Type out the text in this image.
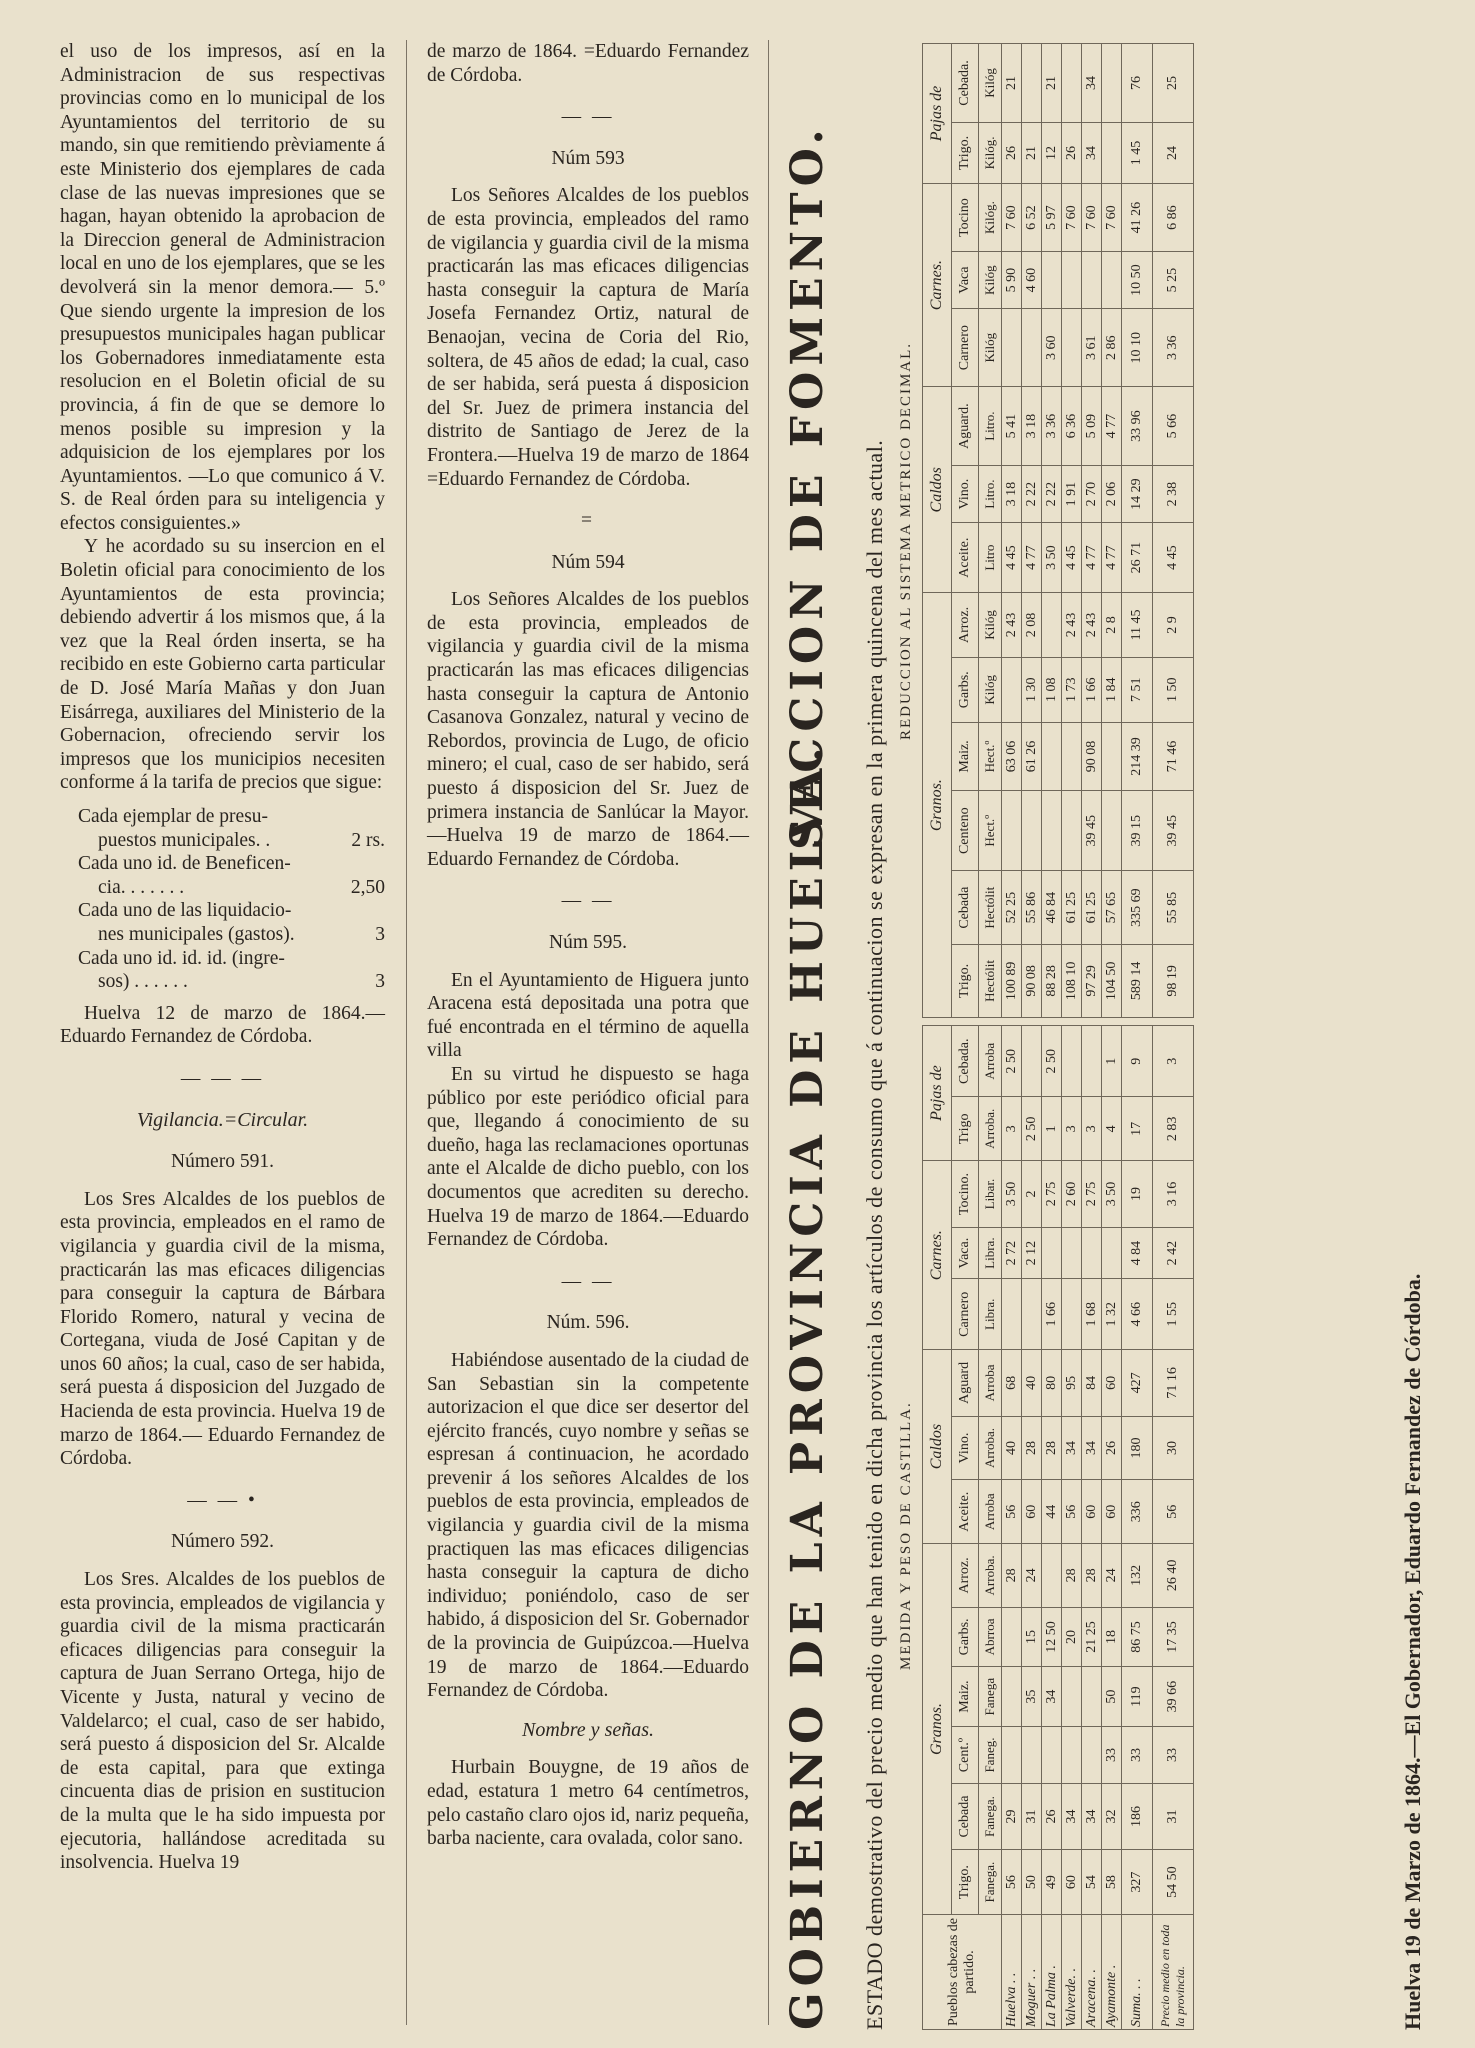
el uso de los impresos, así en la Administracion de sus respectivas provincias como en lo municipal de los Ayuntamientos del territorio de su mando, sin que remitiendo prèviamente á este Ministerio dos ejemplares de cada clase de las nuevas impresiones que se hagan, hayan obtenido la aprobacion de la Direccion general de Administracion local en uno de los ejemplares, que se les devolverá sin la menor demora.— 5.º Que siendo urgente la impresion de los presupuestos municipales hagan publicar los Gobernadores inmediatamente esta resolucion en el Boletin oficial de su provincia, á fin de que se demore lo menos posible su impresion y la adquisicion de los ejemplares por los Ayuntamientos. —Lo que comunico á V. S. de Real órden para su inteligencia y efectos consiguientes.»

Y he acordado su su insercion en el Boletin oficial para conocimiento de los Ayuntamientos de esta provincia; debiendo advertir á los mismos que, á la vez que la Real órden inserta, se ha recibido en este Gobierno carta particular de D. José María Mañas y don Juan Eisárrega, auxiliares del Ministerio de la Gobernacion, ofreciendo servir los impresos que los municipios necesiten conforme á la tarifa de precios que sigue:

Cada ejemplar de presu-
puestos municipales. .	2 rs.
Cada uno id. de Beneficen-
cia. . . . . . .	2,50
Cada uno de las liquidacio-
nes municipales (gastos).	3
Cada uno id. id. id. (ingre-
sos) . . . . . .	3

Huelva 12 de marzo de 1864.— Eduardo Fernandez de Córdoba.

— — —
Vigilancia.=Circular.
Número 591.

Los Sres Alcaldes de los pueblos de esta provincia, empleados en el ramo de vigilancia y guardia civil de la misma, practicarán las mas eficaces diligencias para conseguir la captura de Bárbara Florido Romero, natural y vecina de Cortegana, viuda de José Capitan y de unos 60 años; la cual, caso de ser habida, será puesta á disposicion del Juzgado de Hacienda de esta provincia. Huelva 19 de marzo de 1864.— Eduardo Fernandez de Córdoba.

— — •
Número 592.

Los Sres. Alcaldes de los pueblos de esta provincia, empleados de vigilancia y guardia civil de la misma practicarán eficaces diligencias para conseguir la captura de Juan Serrano Ortega, hijo de Vicente y Justa, natural y vecino de Valdelarco; el cual, caso de ser habido, será puesto á disposicion del Sr. Alcalde de esta capital, para que extinga cincuenta dias de prision en sustitucion de la multa que le ha sido impuesta por ejecutoria, hallándose acreditada su insolvencia. Huelva 19

de marzo de 1864. =Eduardo Fernandez de Córdoba.

— —
Núm 593

Los Señores Alcaldes de los pueblos de esta provincia, empleados del ramo de vigilancia y guardia civil de la misma practicarán las mas eficaces diligencias hasta conseguir la captura de María Josefa Fernandez Ortiz, natural de Benaojan, vecina de Coria del Rio, soltera, de 45 años de edad; la cual, caso de ser habida, será puesta á disposicion del Sr. Juez de primera instancia del distrito de Santiago de Jerez de la Frontera.—Huelva 19 de marzo de 1864 =Eduardo Fernandez de Córdoba.

=
Núm 594

Los Señores Alcaldes de los pueblos de esta provincia, empleados de vigilancia y guardia civil de la misma practicarán las mas eficaces diligencias hasta conseguir la captura de Antonio Casanova Gonzalez, natural y vecino de Rebordos, provincia de Lugo, de oficio minero; el cual, caso de ser habido, será puesto á disposicion del Sr. Juez de primera instancia de Sanlúcar la Mayor.—Huelva 19 de marzo de 1864.—Eduardo Fernandez de Córdoba.

— —
Núm 595.

En el Ayuntamiento de Higuera junto Aracena está depositada una potra que fué encontrada en el término de aquella villa

En su virtud he dispuesto se haga público por este periódico oficial para que, llegando á conocimiento de su dueño, haga las reclamaciones oportunas ante el Alcalde de dicho pueblo, con los documentos que acrediten su derecho. Huelva 19 de marzo de 1864.—Eduardo Fernandez de Córdoba.

— —
Núm. 596.

Habiéndose ausentado de la ciudad de San Sebastian sin la competente autorizacion el que dice ser desertor del ejército francés, cuyo nombre y señas se espresan á continuacion, he acordado prevenir á los señores Alcaldes de los pueblos de esta provincia, empleados de vigilancia y guardia civil de la misma practiquen las mas eficaces diligencias hasta conseguir la captura de dicho individuo; poniéndolo, caso de ser habido, á disposicion del Sr. Gobernador de la provincia de Guipúzcoa.—Huelva 19 de marzo de 1864.—Eduardo Fernandez de Córdoba.

Nombre y señas.

Hurbain Bouygne, de 19 años de edad, estatura 1 metro 64 centímetros, pelo castaño claro ojos id, nariz pequeña, barba naciente, cara ovalada, color sano. GOBIERNO DE LA PROVINCIA DE HUELVA.
SECCION DE FOMENTO. ESTADO demostrativo del precio medio que han tenido en dicha provincia los artículos de consumo que á continuacion se expresan en la primera quincena del mes actual. MEDIDA Y PESO DE CASTILLA.
REDUCCION AL SISTEMA METRICO DECIMAL.
Pueblos cabezas de partido.	Granos.						Caldos			Carnes.			Pajas de	
	Trigo.	Cebada	Cent.º	Maiz.	Garbs.	Arroz.	Aceite.	Vino.	Aguard	Carnero	Vaca.	Tocino.	Trigo	Cebada.
	Fanega.	Fanega.	Faneg.	Fanega	Abrroa	Arroba.	Arroba	Arroba.	Arroba	Libra.	Libra.	Libar.	Arroba.	Arroba
Huelva . .	56	29				28	56	40	68		2 72	3 50	3	2 50
Moguer . .	50	31		35	15	24	60	28	40		2 12	2	2 50	
La Palma .	49	26		34	12 50		44	28	80	1 66		2 75	1	2 50
Valverde. .	60	34			20	28	56	34	95			2 60	3	
Aracena. .	54	34			21 25	28	60	34	84	1 68		2 75	3	
Ayamonte .	58	32	33	50	18	24	60	26	60	1 32		3 50	4	1
Suma. . .	327	186	33	119	86 75	132	336	180	427	4 66	4 84	19	17	9
Precio medio en toda la provincia.	54 50	31	33	39 66	17 35	26 40	56	30	71 16	1 55	2 42	3 16	2 83	3
Granos.						Caldos			Carnes.			Pajas de	
Trigo.	Cebada	Centeno	Maiz.	Garbs.	Arroz.	Aceite.	Vino.	Aguard.	Carnero	Vaca	Tocino	Trigo.	Cebada.
Hectólit	Hectólit	Hect.º	Hect.º	Kilóg	Kilóg	Litro	Litro.	Litro.	Kilóg	Kilóg	Kilóg.	Kilóg.	Kilóg
100 89	52 25		63 06		2 43	4 45	3 18	5 41		5 90	7 60	26	21
90 08	55 86		61 26	1 30	2 08	4 77	2 22	3 18		4 60	6 52	21	
88 28	46 84			1 08		3 50	2 22	3 36	3 60		5 97	12	21
108 10	61 25			1 73	2 43	4 45	1 91	6 36			7 60	26	
97 29	61 25	39 45	90 08	1 66	2 43	4 77	2 70	5 09	3 61		7 60	34	34
104 50	57 65			1 84	2 8	4 77	2 06	4 77	2 86		7 60		
589 14	335 69	39 15	214 39	7 51	11 45	26 71	14 29	33 96	10 10	10 50	41 26	1 45	76
98 19	55 85	39 45	71 46	1 50	2 9	4 45	2 38	5 66	3 36	5 25	6 86	24	25
Huelva 19 de Marzo de 1864.—El Gobernador, Eduardo Fernandez de Córdoba.
